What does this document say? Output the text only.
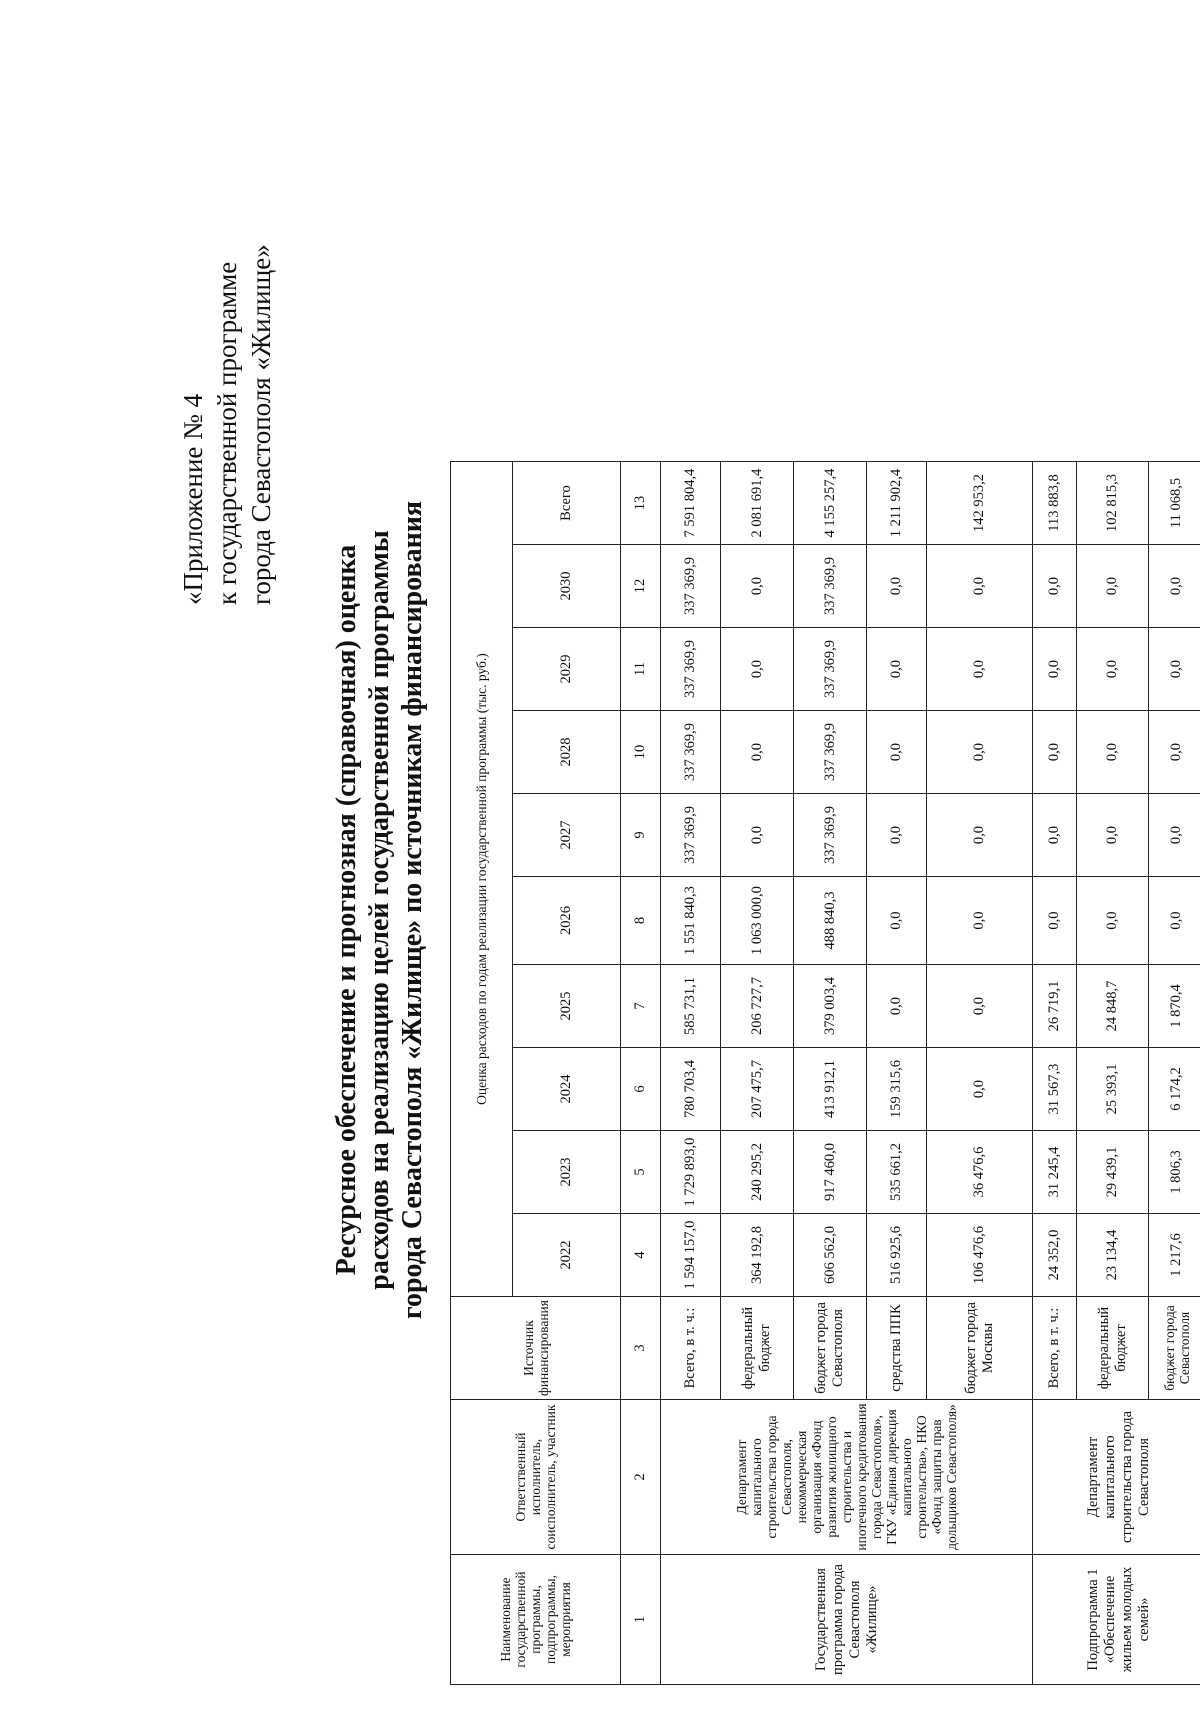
«Приложение № 4 к государственной программе города Севастополя «Жилище»
Ресурсное обеспечение и прогнозная (справочная) оценка расходов на реализацию целей государственной программы города Севастополя «Жилище» по источникам финансирования
Наименование государственной программы, подпрограммы, мероприятия	Ответственный исполнитель, соисполнитель, участник	Источник финансирования	Оценка расходов по годам реализации государственной программы (тыс. руб.)									
			2022	2023	2024	2025	2026	2027	2028	2029	2030	Всего
1	2	3	4	5	6	7	8	9	10	11	12	13
Государственная программа города Севастополя «Жилище»	Департамент капитального строительства города Севастополя, некоммерческая организация «Фонд развития жилищного строительства и ипотечного кредитования города Севастополя», ГКУ «Единая дирекция капитального строительства», НКО «Фонд защиты прав дольщиков Севастополя»	Всего, в т. ч.:	1 594 157,0	1 729 893,0	780 703,4	585 731,1	1 551 840,3	337 369,9	337 369,9	337 369,9	337 369,9	7 591 804,4
		федеральный бюджет	364 192,8	240 295,2	207 475,7	206 727,7	1 063 000,0	0,0	0,0	0,0	0,0	2 081 691,4
		бюджет города Севастополя	606 562,0	917 460,0	413 912,1	379 003,4	488 840,3	337 369,9	337 369,9	337 369,9	337 369,9	4 155 257,4
		средства ППК	516 925,6	535 661,2	159 315,6	0,0	0,0	0,0	0,0	0,0	0,0	1 211 902,4
		бюджет города Москвы	106 476,6	36 476,6	0,0	0,0	0,0	0,0	0,0	0,0	0,0	142 953,2
Подпрограмма 1 «Обеспечение жильем молодых семей»	Департамент капитального строительства города Севастополя	Всего, в т. ч.:	24 352,0	31 245,4	31 567,3	26 719,1	0,0	0,0	0,0	0,0	0,0	113 883,8
		федеральный бюджет	23 134,4	29 439,1	25 393,1	24 848,7	0,0	0,0	0,0	0,0	0,0	102 815,3
		бюджет города Севастополя	1 217,6	1 806,3	6 174,2	1 870,4	0,0	0,0	0,0	0,0	0,0	11 068,5
